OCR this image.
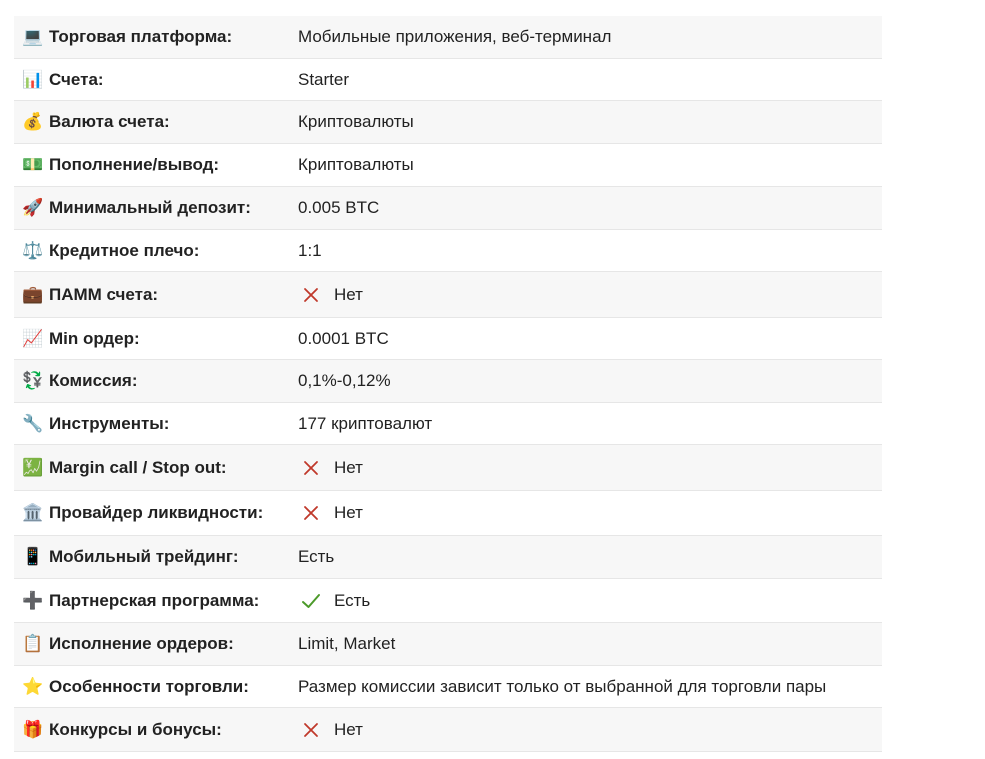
💻 Торговая платформа:	Мобильные приложения, веб-терминал
📊 Счета:	Starter
💰 Валюта счета:	Криптовалюты
💵 Пополнение/вывод:	Криптовалюты
🚀 Минимальный депозит:	0.005 BTC
⚖️ Кредитное плечо:	1:1
💼 ПАММ счета:	Нет
📈 Min ордер:	0.0001 BTC
💱 Комиссия:	0,1%-0,12%
🔧 Инструменты:	177 криптовалют
💹 Margin call / Stop out:	Нет
🏛️ Провайдер ликвидности:	Нет
📱 Мобильный трейдинг:	Есть
➕ Партнерская программа:	Есть
📋 Исполнение ордеров:	Limit, Market
⭐ Особенности торговли:	Размер комиссии зависит только от выбранной для торговли пары
🎁 Конкурсы и бонусы:	Нет
